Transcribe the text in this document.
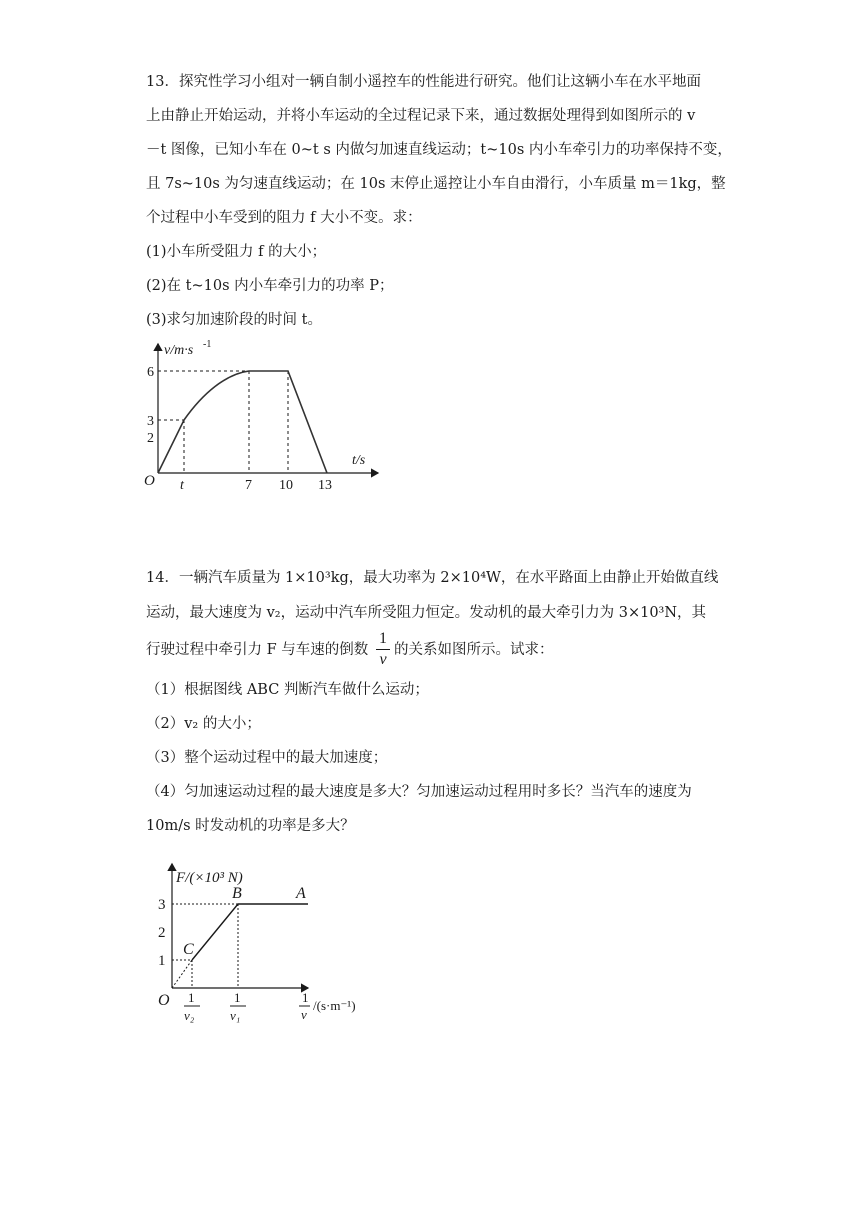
13．探究性学习小组对一辆自制小遥控车的性能进行研究。他们让这辆小车在水平地面
上由静止开始运动，并将小车运动的全过程记录下来，通过数据处理得到如图所示的 v
－t 图像，已知小车在 0~t s 内做匀加速直线运动；t~10s 内小车牵引力的功率保持不变，
且 7s~10s 为匀速直线运动；在 10s 末停止遥控让小车自由滑行，小车质量 m＝1kg，整
个过程中小车受到的阻力 f 大小不变。求：
(1)小车所受阻力 f 的大小；
(2)在 t~10s 内小车牵引力的功率 P；
(3)求匀加速阶段的时间 t。
v/m·s -1
t/s
O
6
3
2
t	7 10 13
14．一辆汽车质量为 1×10³kg，最大功率为 2×10⁴W，在水平路面上由静止开始做直线
运动，最大速度为 v₂，运动中汽车所受阻力恒定。发动机的最大牵引力为 3×10³N，其
行驶过程中牵引力 F 与车速的倒数
1
v
的关系如图所示。试求：
（1）根据图线 ABC 判断汽车做什么运动；
（2）v₂ 的大小；
（3）整个运动过程中的最大加速度；
（4）匀加速运动过程的最大速度是多大？匀加速运动过程用时多长？当汽车的速度为
10m/s 时发动机的功率是多大？
F/(×10³ N)
3
2
1
O
A
B
C
1
v₂
1
v₁
1
v
/(s·m⁻¹)
